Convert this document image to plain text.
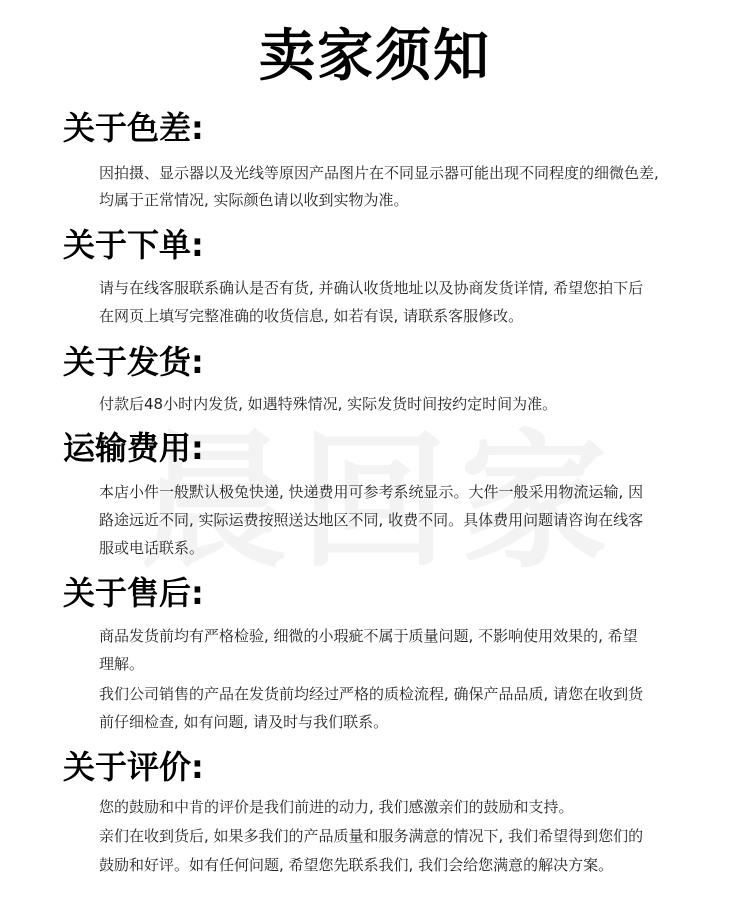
卖家须知
关于色差:
因拍摄、显示器以及光线等原因产品图片在不同显示器可能出现不同程度的细微色差,
均属于正常情况, 实际颜色请以收到实物为准。
关于下单:
请与在线客服联系确认是否有货, 并确认收货地址以及协商发货详情, 希望您拍下后
在网页上填写完整准确的收货信息, 如若有误, 请联系客服修改。
关于发货:
付款后48小时内发货, 如遇特殊情况, 实际发货时间按约定时间为准。
运输费用:
本店小件一般默认极兔快递, 快递费用可参考系统显示。大件一般采用物流运输, 因
路途远近不同, 实际运费按照送达地区不同, 收费不同。具体费用问题请咨询在线客
服或电话联系。
关于售后:
商品发货前均有严格检验, 细微的小瑕疵不属于质量问题, 不影响使用效果的, 希望
理解。
我们公司销售的产品在发货前均经过严格的质检流程, 确保产品品质, 请您在收到货
前仔细检查, 如有问题, 请及时与我们联系。
关于评价:
您的鼓励和中肯的评价是我们前进的动力, 我们感激亲们的鼓励和支持。
亲们在收到货后, 如果多我们的产品质量和服务满意的情况下, 我们希望得到您们的
鼓励和好评。如有任何问题, 希望您先联系我们, 我们会给您满意的解决方案。
